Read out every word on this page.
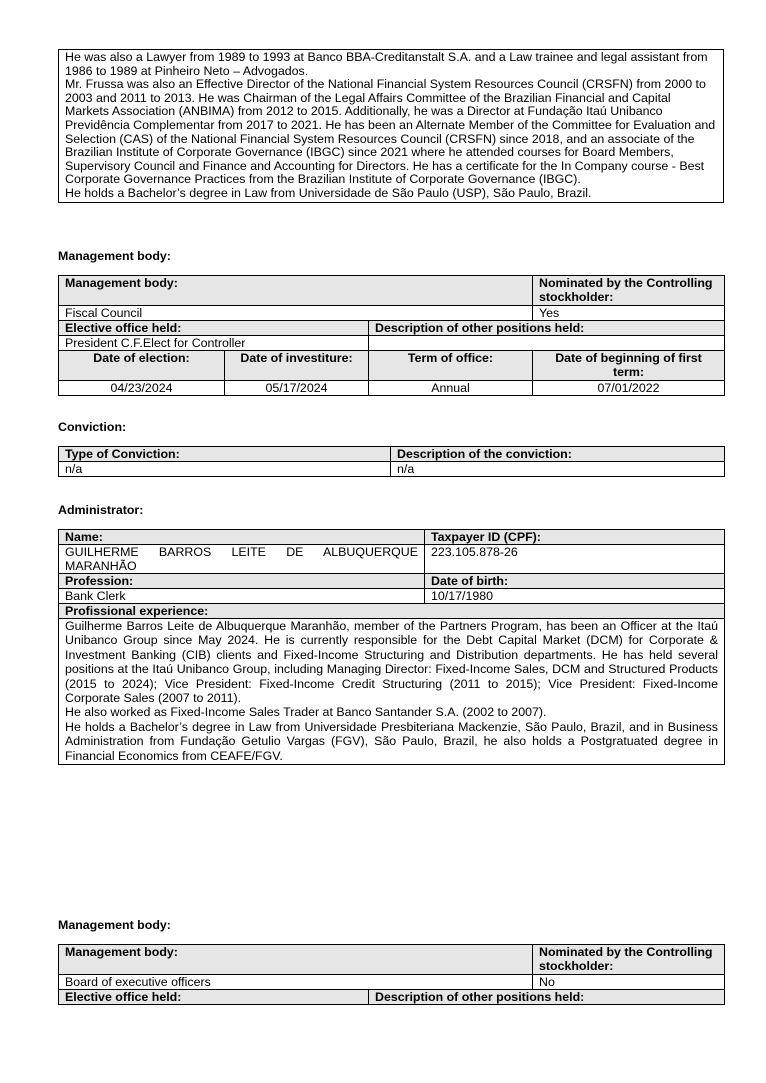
He was also a Lawyer from 1989 to 1993 at Banco BBA-Creditanstalt S.A. and a Law trainee and legal assistant from 1986 to 1989 at Pinheiro Neto – Advogados.

Mr. Frussa was also an Effective Director of the National Financial System Resources Council (CRSFN) from 2000 to 2003 and 2011 to 2013. He was Chairman of the Legal Affairs Committee of the Brazilian Financial and Capital Markets Association (ANBIMA) from 2012 to 2015. Additionally, he was a Director at Fundação Itaú Unibanco Previdência Complementar from 2017 to 2021. He has been an Alternate Member of the Committee for Evaluation and Selection (CAS) of the National Financial System Resources Council (CRSFN) since 2018, and an associate of the Brazilian Institute of Corporate Governance (IBGC) since 2021 where he attended courses for Board Members, Supervisory Council and Finance and Accounting for Directors. He has a certificate for the In Company course - Best Corporate Governance Practices from the Brazilian Institute of Corporate Governance (IBGC).

He holds a Bachelor’s degree in Law from Universidade de São Paulo (USP), São Paulo, Brazil.

Management body:
Management body:			Nominated by the Controlling stockholder:
Fiscal Council			Yes
Elective office held:		Description of other positions held:	
President C.F.Elect for Controller			
Date of election:	Date of investiture:	Term of office:	Date of beginning of first term:
04/23/2024	05/17/2024	Annual	07/01/2022
Conviction:
Type of Conviction:	Description of the conviction:
n/a	n/a
Administrator:
Name:	Taxpayer ID (CPF):
GUILHERME BARROS LEITE DE ALBUQUERQUE MARANHÃO	223.105.878-26
Profession:	Date of birth:
Bank Clerk	10/17/1980
Profissional experience:	

Guilherme Barros Leite de Albuquerque Maranhão, member of the Partners Program, has been an Officer at the Itaú Unibanco Group since May 2024. He is currently responsible for the Debt Capital Market (DCM) for Corporate & Investment Banking (CIB) clients and Fixed-Income Structuring and Distribution departments. He has held several positions at the Itaú Unibanco Group, including Managing Director: Fixed-Income Sales, DCM and Structured Products (2015 to 2024); Vice President: Fixed-Income Credit Structuring (2011 to 2015); Vice President: Fixed-Income Corporate Sales (2007 to 2011).
He also worked as Fixed-Income Sales Trader at Banco Santander S.A. (2002 to 2007).
He holds a Bachelor’s degree in Law from Universidade Presbiteriana Mackenzie, São Paulo, Brazil, and in Business Administration from Fundação Getulio Vargas (FGV), São Paulo, Brazil, he also holds a Postgratuated degree in Financial Economics from CEAFE/FGV.	
Management body:
Management body:		Nominated by the Controlling stockholder:
Board of executive officers		No
Elective office held:	Description of other positions held:	
